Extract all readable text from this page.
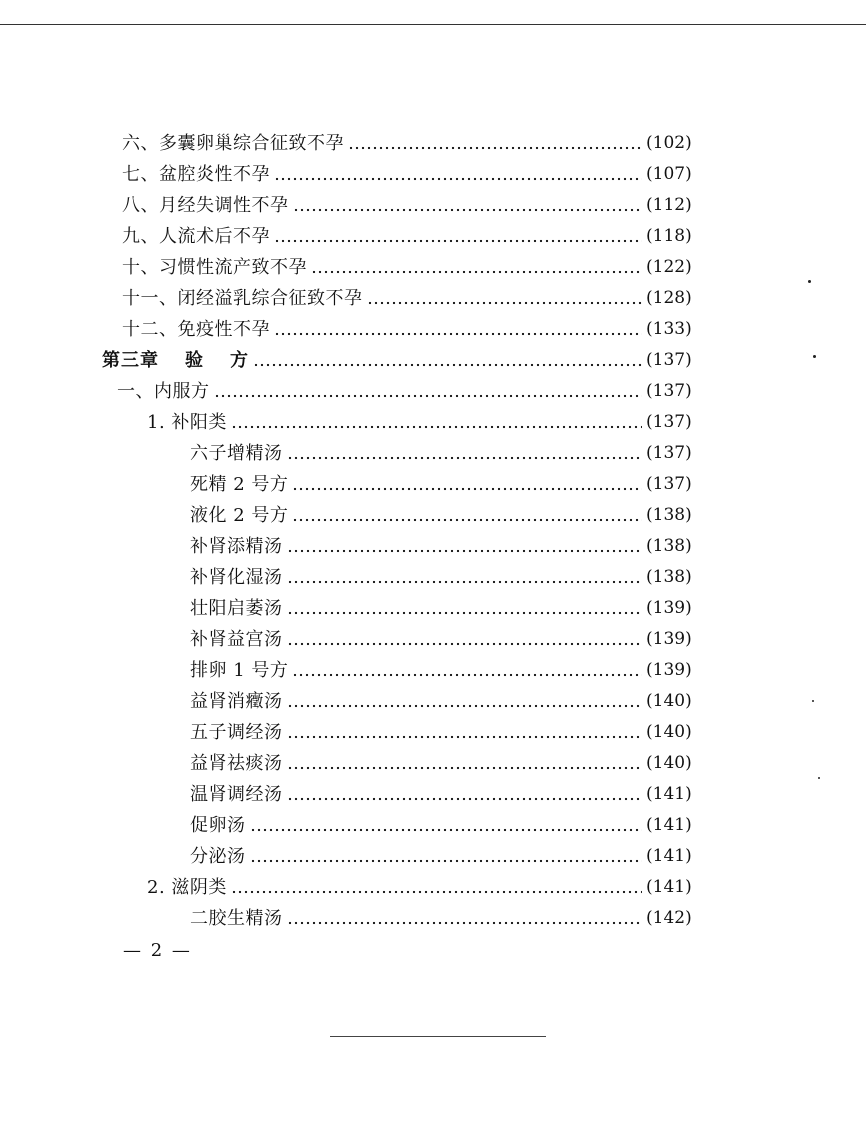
六、多囊卵巢综合征致不孕	(102)
七、盆腔炎性不孕	(107)
八、月经失调性不孕	(112)
九、人流术后不孕	(118)
十、习惯性流产致不孕	(122)
十一、闭经溢乳综合征致不孕	(128)
十二、免疫性不孕	(133)
第三章 验 方	(137)
一、内服方	(137)
1. 补阳类	(137)
六子增精汤	(137)
死精 2 号方	(137)
液化 2 号方	(138)
补肾添精汤	(138)
补肾化湿汤	(138)
壮阳启萎汤	(139)
补肾益宫汤	(139)
排卵 1 号方	(139)
益肾消癥汤	(140)
五子调经汤	(140)
益肾祛痰汤	(140)
温肾调经汤	(141)
促卵汤	(141)
分泌汤	(141)
2. 滋阴类	(141)
二胶生精汤	(142)
— 2 —
